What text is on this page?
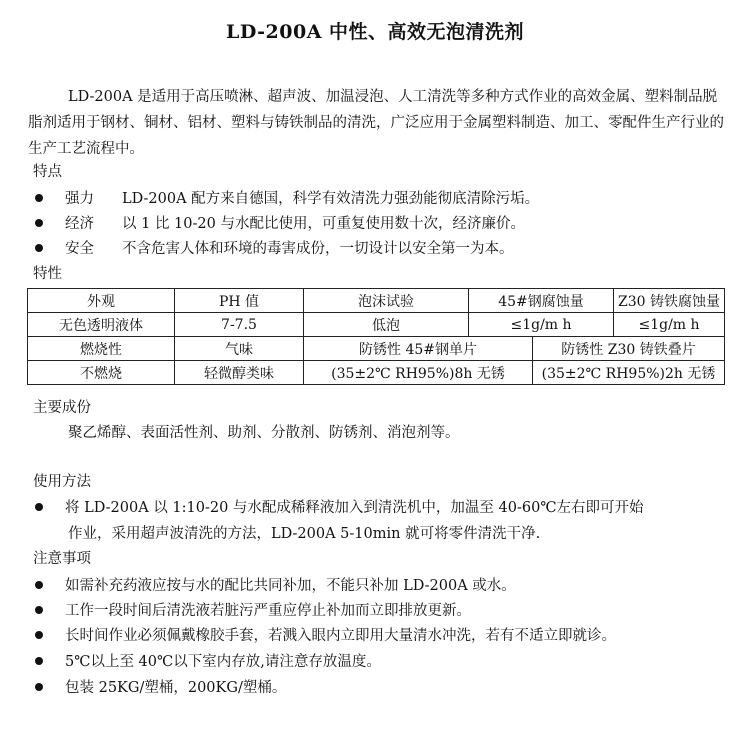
LD-200A 中性、高效无泡清洗剂
LD-200A 是适用于高压喷淋、超声波、加温浸泡、人工清洗等多种方式作业的高效金属、塑料制品脱脂剂适用于钢材、铜材、铝材、塑料与铸铁制品的清洗，广泛应用于金属塑料制造、加工、零配件生产行业的生产工艺流程中。
特点
强力 LD-200A 配方来自德国，科学有效清洗力强劲能彻底清除污垢。
经济 以 1 比 10-20 与水配比使用，可重复使用数十次，经济廉价。
安全 不含危害人体和环境的毒害成份，一切设计以安全第一为本。
特性
外观	PH 值	泡沫试验	45#钢腐蚀量		Z30 铸铁腐蚀量
无色透明液体	7-7.5	低泡	≤1g/m h		≤1g/m h
燃烧性	气味	防锈性 45#钢单片		防锈性 Z30 铸铁叠片	
不燃烧	轻微醇类味	(35±2℃ RH95%)8h 无锈		(35±2℃ RH95%)2h 无锈	
主要成份
聚乙烯醇、表面活性剂、助剂、分散剂、防锈剂、消泡剂等。
使用方法
将 LD-200A 以 1:10-20 与水配成稀释液加入到清洗机中，加温至 40-60℃左右即可开始
作业，采用超声波清洗的方法，LD-200A 5-10min 就可将零件清洗干净.
注意事项
如需补充药液应按与水的配比共同补加，不能只补加 LD-200A 或水。
工作一段时间后清洗液若脏污严重应停止补加而立即排放更新。
长时间作业必须佩戴橡胶手套，若溅入眼内立即用大量清水冲洗，若有不适立即就诊。
5℃以上至 40℃以下室内存放,请注意存放温度。
包装 25KG/塑桶，200KG/塑桶。
